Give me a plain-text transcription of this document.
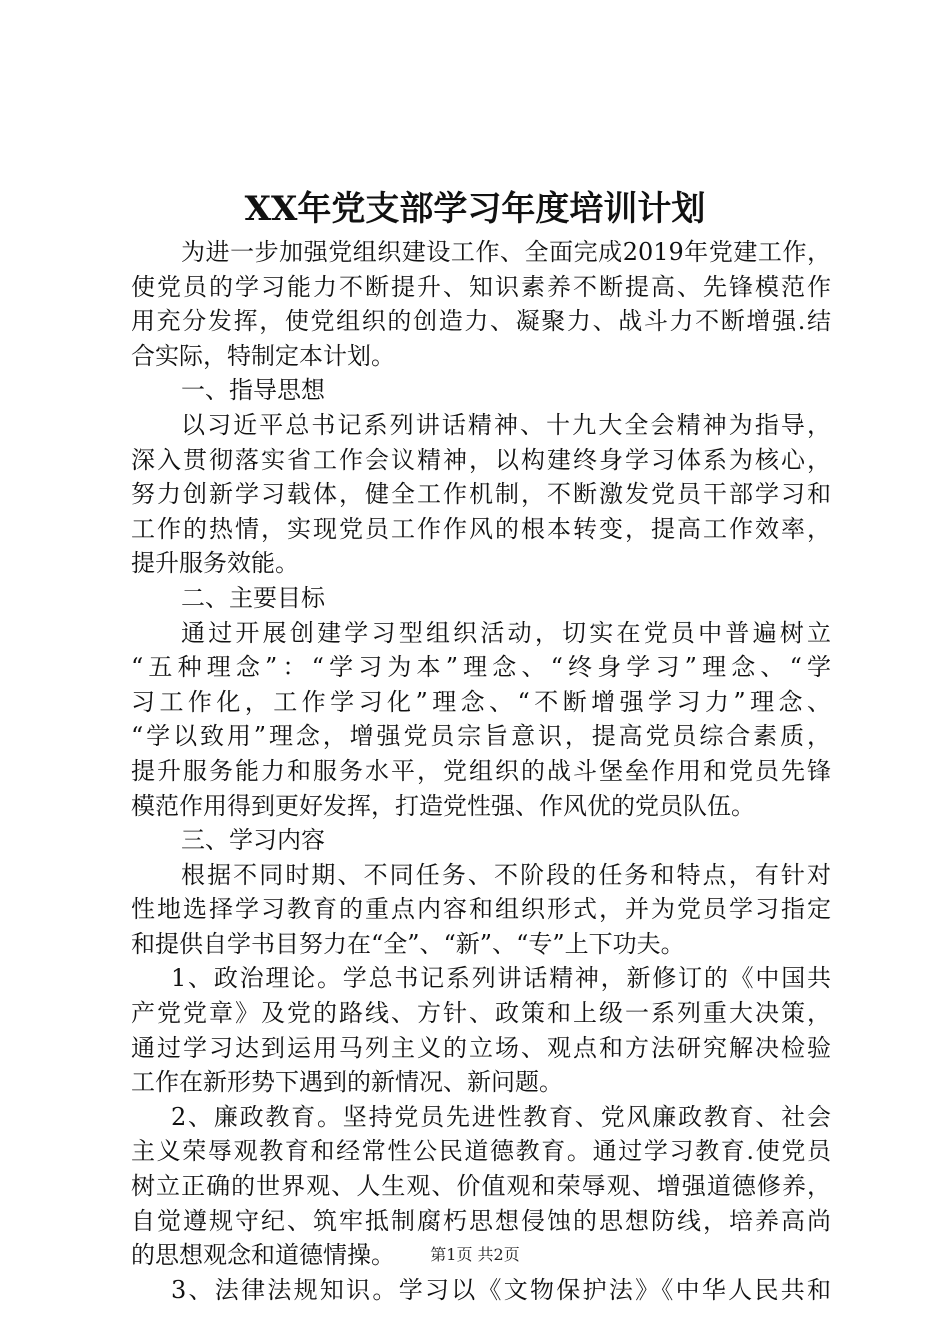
XX年党支部学习年度培训计划
为进一步加强党组织建设工作、全面完成2019年党建工作，
使党员的学习能力不断提升、知识素养不断提高、先锋模范作
用充分发挥，使党组织的创造力、凝聚力、战斗力不断增强.结
合实际，特制定本计划。
一、指导思想
以习近平总书记系列讲话精神、十九大全会精神为指导，
深入贯彻落实省工作会议精神，以构建终身学习体系为核心，
努力创新学习载体，健全工作机制，不断激发党员干部学习和
工作的热情，实现党员工作作风的根本转变，提高工作效率，
提升服务效能。
二、主要目标
通过开展创建学习型组织活动，切实在党员中普遍树立
“五种理念”：“学习为本”理念、“终身学习”理念、“学
习工作化，工作学习化”理念、“不断增强学习力”理念、
“学以致用”理念，增强党员宗旨意识，提高党员综合素质，
提升服务能力和服务水平，党组织的战斗堡垒作用和党员先锋
模范作用得到更好发挥，打造党性强、作风优的党员队伍。
三、学习内容
根据不同时期、不同任务、不阶段的任务和特点，有针对
性地选择学习教育的重点内容和组织形式，并为党员学习指定
和提供自学书目努力在“全”、“新”、“专”上下功夫。
1、政治理论。学总书记系列讲话精神，新修订的《中国共
产党党章》及党的路线、方针、政策和上级一系列重大决策，
通过学习达到运用马列主义的立场、观点和方法研究解决检验
工作在新形势下遇到的新情况、新问题。
2、廉政教育。坚持党员先进性教育、党风廉政教育、社会
主义荣辱观教育和经常性公民道德教育。通过学习教育.使党员
树立正确的世界观、人生观、价值观和荣辱观、增强道德修养，
自觉遵规守纪、筑牢抵制腐朽思想侵蚀的思想防线，培养高尚
的思想观念和道德情操。
3、法律法规知识。学习以《文物保护法》《中华人民共和
第1页 共2页
